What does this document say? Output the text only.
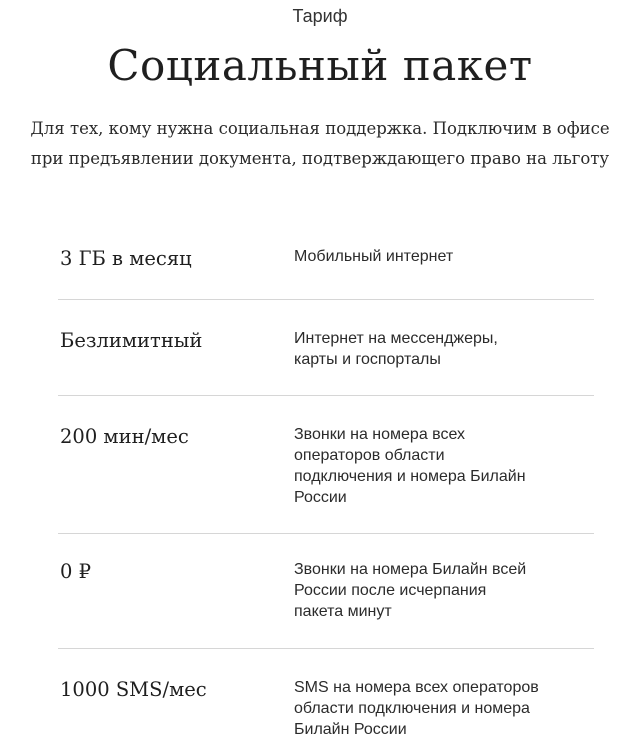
Тариф
Социальный пакет
Для тех, кому нужна социальная поддержка. Подключим в офисе
при предъявлении документа, подтверждающего право на льготу
3 ГБ в месяц	Мобильный интернет
Безлимитный	Интернет на мессенджеры,
карты и госпорталы
200 мин/мес	Звонки на номера всех
операторов области
подключения и номера Билайн
России
0 ₽	Звонки на номера Билайн всей
России после исчерпания
пакета минут
1000 SMS/мес	SMS на номера всех операторов
области подключения и номера
Билайн России
